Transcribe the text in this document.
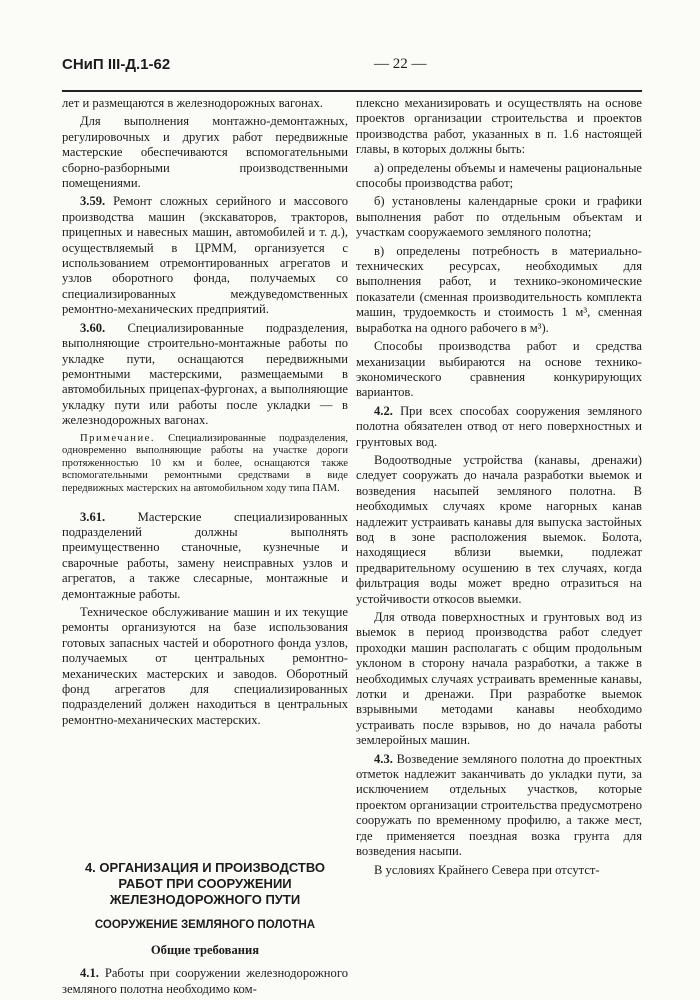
СНиП III-Д.1-62	— 22 —

лет и размещаются в железнодорожных вагонах.

Для выполнения монтажно-демонтажных, регулировочных и других работ передвижные мастерские обеспечиваются вспомогательными сборно-разборными производственными помещениями.

3.59. Ремонт сложных серийного и массового производства машин (экскаваторов, тракторов, прицепных и навесных машин, автомобилей и т. д.), осуществляемый в ЦРММ, организуется с использованием отремонтированных агрегатов и узлов оборотного фонда, получаемых со специализированных междуведомственных ремонтно-механических предприятий.

3.60. Специализированные подразделения, выполняющие строительно-монтажные работы по укладке пути, оснащаются передвижными ремонтными мастерскими, размещаемыми в автомобильных прицепах-фургонах, а выполняющие укладку пути или работы после укладки — в железнодорожных вагонах.

Примечание. Специализированные подразделения, одновременно выполняющие работы на участке дороги протяженностью 10 км и более, оснащаются также вспомогательными ремонтными средствами в виде передвижных мастерских на автомобильном ходу типа ПАМ.

3.61. Мастерские специализированных подразделений должны выполнять преимущественно станочные, кузнечные и сварочные работы, замену неисправных узлов и агрегатов, а также слесарные, монтажные и демонтажные работы.

Техническое обслуживание машин и их текущие ремонты организуются на базе использования готовых запасных частей и оборотного фонда узлов, получаемых от центральных ремонтно-механических мастерских и заводов. Оборотный фонд агрегатов для специализированных подразделений должен находиться в центральных ремонтно-механических мастерских.

4. ОРГАНИЗАЦИЯ И ПРОИЗВОДСТВО РАБОТ ПРИ СООРУЖЕНИИ ЖЕЛЕЗНОДОРОЖНОГО ПУТИ

СООРУЖЕНИЕ ЗЕМЛЯНОГО ПОЛОТНА

Общие требования

4.1. Работы при сооружении железнодорожного земляного полотна необходимо ком-

плексно механизировать и осуществлять на основе проектов организации строительства и проектов производства работ, указанных в п. 1.6 настоящей главы, в которых должны быть:

а) определены объемы и намечены рациональные способы производства работ;

б) установлены календарные сроки и графики выполнения работ по отдельным объектам и участкам сооружаемого земляного полотна;

в) определены потребность в материально-технических ресурсах, необходимых для выполнения работ, и технико-экономические показатели (сменная производительность комплекта машин, трудоемкость и стоимость 1 м³, сменная выработка на одного рабочего в м³).

Способы производства работ и средства механизации выбираются на основе технико-экономического сравнения конкурирующих вариантов.

4.2. При всех способах сооружения земляного полотна обязателен отвод от него поверхностных и грунтовых вод.

Водоотводные устройства (канавы, дренажи) следует сооружать до начала разработки выемок и возведения насыпей земляного полотна. В необходимых случаях кроме нагорных канав надлежит устраивать канавы для выпуска застойных вод в зоне расположения выемок. Болота, находящиеся вблизи выемки, подлежат предварительному осушению в тех случаях, когда фильтрация воды может вредно отразиться на устойчивости откосов выемки.

Для отвода поверхностных и грунтовых вод из выемок в период производства работ следует проходки машин располагать с общим продольным уклоном в сторону начала разработки, а также в необходимых случаях устраивать временные канавы, лотки и дренажи. При разработке выемок взрывными методами канавы необходимо устраивать после взрывов, но до начала работы землеройных машин.

4.3. Возведение земляного полотна до проектных отметок надлежит заканчивать до укладки пути, за исключением отдельных участков, которые проектом организации строительства предусмотрено сооружать по временному профилю, а также мест, где применяется поездная возка грунта для возведения насыпи.

В условиях Крайнего Севера при отсутст-
